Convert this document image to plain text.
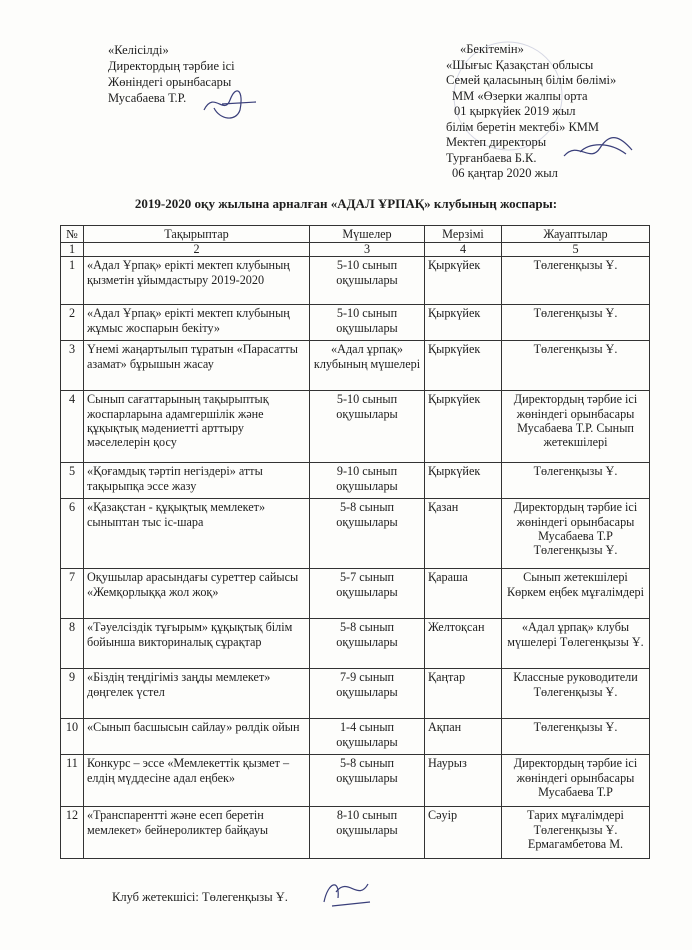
«Келісілді»
Директордың тәрбие ісі
Жөніндегі орынбасары
Мусабаева Т.Р.
«Бекітемін»
«Шығыс Қазақстан облысы
Семей қаласының білім бөлімі»
ММ «Өзерки жалпы орта
01 қыркүйек 2019 жыл
білім беретін мектебі» КММ
Мектеп директоры
Турғанбаева Б.К.
06 қаңтар 2020 жыл
2019-2020 оқу жылына арналған «АДАЛ ҰРПАҚ» клубының жоспары:
№	Тақырыптар	Мүшелер	Мерзімі	Жауаптылар
1	2	3	4	5
1	«Адал Ұрпақ» ерікті мектеп клубының қызметін ұйымдастыру 2019-2020	5-10 сынып оқушылары	Қыркүйек	Төлегенқызы Ұ.
2	«Адал Ұрпақ» ерікті мектеп клубының жұмыс жоспарын бекіту»	5-10 сынып оқушылары	Қыркүйек	Төлегенқызы Ұ.
3	Үнемі жаңартылып тұратын «Парасатты азамат» бұрышын жасау	«Адал ұрпақ» клубының мүшелері	Қыркүйек	Төлегенқызы Ұ.
4	Сынып сағаттарының тақырыптық жоспарларына адамгершілік және құқықтық мәдениетті арттыру мәселелерін қосу	5-10 сынып оқушылары	Қыркүйек	Директордың тәрбие ісі жөніндегі орынбасары Мусабаева Т.Р. Сынып жетекшілері
5	«Қоғамдық тәртіп негіздері» атты тақырыпқа эссе жазу	9-10 сынып оқушылары	Қыркүйек	Төлегенқызы Ұ.
6	«Қазақстан - құқықтық мемлекет» сыныптан тыс іс-шара	5-8 сынып оқушылары	Қазан	Директордың тәрбие ісі жөніндегі орынбасары Мусабаева Т.Р Төлегенқызы Ұ.
7	Оқушылар арасындағы суреттер сайысы «Жемқорлыққа жол жоқ»	5-7 сынып оқушылары	Қараша	Сынып жетекшілері Көркем еңбек мұғалімдері
8	«Тәуелсіздік тұғырым» құқықтық білім бойынша викториналық сұрақтар	5-8 сынып оқушылары	Желтоқсан	«Адал ұрпақ» клубы мүшелері Төлегенқызы Ұ.
9	«Біздің теңдігіміз заңды мемлекет» дөңгелек үстел	7-9 сынып оқушылары	Қаңтар	Классные руководители Төлегенқызы Ұ.
10	«Сынып басшысын сайлау» рөлдік ойын	1-4 сынып оқушылары	Ақпан	Төлегенқызы Ұ.
11	Конкурс – эссе «Мемлекеттік қызмет – елдің мүддесіне адал еңбек»	5-8 сынып оқушылары	Наурыз	Директордың тәрбие ісі жөніндегі орынбасары Мусабаева Т.Р
12	«Транспарентті және есеп беретін мемлекет» бейнероликтер байқауы	8-10 сынып оқушылары	Сәуір	Тарих мұғалімдері Төлегенқызы Ұ. Ермагамбетова М.
Клуб жетекшісі: Төлегенқызы Ұ.
